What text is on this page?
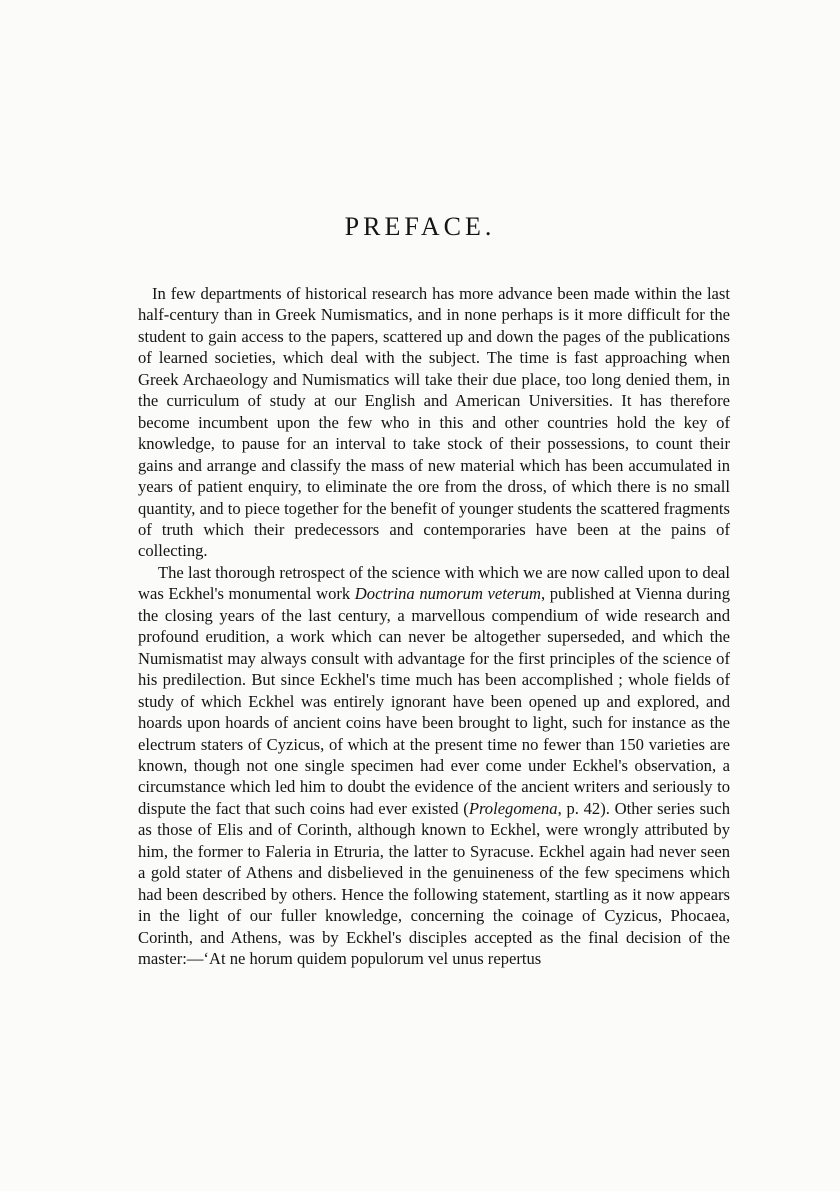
PREFACE.

In few departments of historical research has more advance been made within the last half-century than in Greek Numismatics, and in none perhaps is it more difficult for the student to gain access to the papers, scattered up and down the pages of the publications of learned societies, which deal with the subject. The time is fast approaching when Greek Archaeology and Numismatics will take their due place, too long denied them, in the curriculum of study at our English and American Universities. It has therefore become incumbent upon the few who in this and other countries hold the key of knowledge, to pause for an interval to take stock of their possessions, to count their gains and arrange and classify the mass of new material which has been accumulated in years of patient enquiry, to eliminate the ore from the dross, of which there is no small quantity, and to piece together for the benefit of younger students the scattered fragments of truth which their predecessors and contemporaries have been at the pains of collecting.

The last thorough retrospect of the science with which we are now called upon to deal was Eckhel's monumental work Doctrina numorum veterum, published at Vienna during the closing years of the last century, a marvellous compendium of wide research and profound erudition, a work which can never be altogether superseded, and which the Numismatist may always consult with advantage for the first principles of the science of his predilection. But since Eckhel's time much has been accomplished ; whole fields of study of which Eckhel was entirely ignorant have been opened up and explored, and hoards upon hoards of ancient coins have been brought to light, such for instance as the electrum staters of Cyzicus, of which at the present time no fewer than 150 varieties are known, though not one single specimen had ever come under Eckhel's observation, a circumstance which led him to doubt the evidence of the ancient writers and seriously to dispute the fact that such coins had ever existed (Prolegomena, p. 42). Other series such as those of Elis and of Corinth, although known to Eckhel, were wrongly attributed by him, the former to Faleria in Etruria, the latter to Syracuse. Eckhel again had never seen a gold stater of Athens and disbelieved in the genuineness of the few specimens which had been described by others. Hence the following statement, startling as it now appears in the light of our fuller knowledge, concerning the coinage of Cyzicus, Phocaea, Corinth, and Athens, was by Eckhel's disciples accepted as the final decision of the master:—‘At ne horum quidem populorum vel unus repertus
